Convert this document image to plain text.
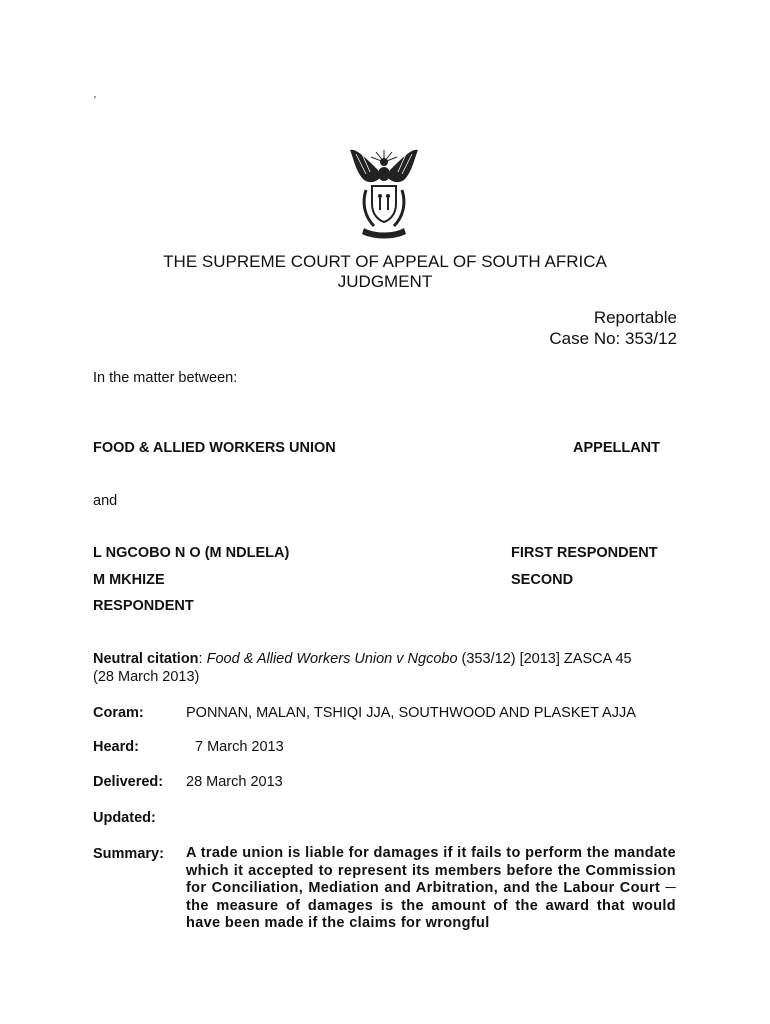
'
THE SUPREME COURT OF APPEAL OF SOUTH AFRICA
JUDGMENT
Reportable
Case No: 353/12
In the matter between:
FOOD & ALLIED WORKERS UNION	APPELLANT
and
L NGCOBO N O (M NDLELA)	FIRST RESPONDENT
M MKHIZE	SECOND
RESPONDENT
Neutral citation: Food & Allied Workers Union v Ngcobo (353/12) [2013] ZASCA 45
(28 March 2013)
Coram:	PONNAN, MALAN, TSHIQI JJA, SOUTHWOOD AND PLASKET AJJA
Heard:	7 March 2013
Delivered: 28 March 2013
Updated:
Summary: A trade union is liable for damages if it fails to perform the mandate which it accepted to represent its members before the Commission for Conciliation, Mediation and Arbitration, and the Labour Court ─ the measure of damages is the amount of the award that would have been made if the claims for wrongful
